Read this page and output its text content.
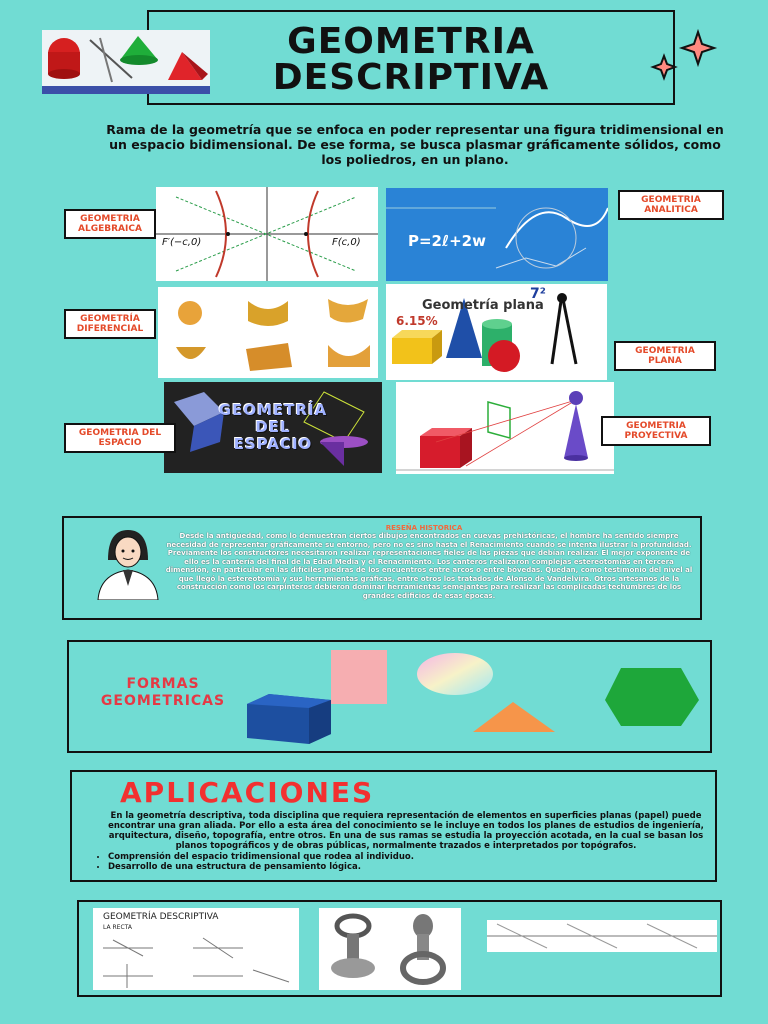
GEOMETRIA
DESCRIPTIVA
Rama de la geometría que se enfoca en poder representar una figura tridimensional en un espacio bidimensional. De ese forma, se busca plasmar gráficamente sólidos, como los poliedros, en un plano.
F(c,0)
F′(−c,0)	P=2ℓ+2w
Geometría plana
6.15%
7²
GEOMETRÍA
DEL
ESPACIO
GEOMETRIA ALGEBRAICA
GEOMETRIA ANALITICA
GEOMETRÍA DIFERENCIAL
GEOMETRIA PLANA
GEOMETRIA DEL ESPACIO
GEOMETRIA PROYECTIVA
RESEÑA HISTORICA
Desde la antigüedad, como lo demuestran ciertos dibujos encontrados en cuevas prehistóricas, el hombre ha sentido siempre necesidad de representar gráficamente su entorno, pero no es sino hasta el Renacimiento cuando se intenta ilustrar la profundidad. Previamente los constructores necesitaron realizar representaciones fieles de las piezas que debían realizar. El mejor exponente de ello es la cantería del final de la Edad Media y el Renacimiento. Los canteros realizaron complejas estereotomías en tercera dimensión, en particular en las difíciles piedras de los encuentros entre arcos o entre bóvedas. Quedan, como testimonio del nivel al que llegó la estereotomía y sus herramientas gráficas, entre otros los tratados de Alonso de Vandelvira. Otros artesanos de la construcción como los carpinteros debieron dominar herramientas semejantes para realizar las complicadas techumbres de los grandes edificios de esas épocas.
FORMAS GEOMETRICAS
APLICACIONES
En la geometría descriptiva, toda disciplina que requiera representación de elementos en superficies planas (papel) puede encontrar una gran aliada. Por ello a esta área del conocimiento se le incluye en todos los planes de estudios de ingeniería, arquitectura, diseño, topografía, entre otros. En una de sus ramas se estudia la proyección acotada, en la cual se basan los planos topográficos y de obras públicas, normalmente trazados e interpretados por topógrafos.
• Comprensión del espacio tridimensional que rodea al individuo.
• Desarrollo de una estructura de pensamiento lógica.
GEOMETRÍA DESCRIPTIVA
LA RECTA
